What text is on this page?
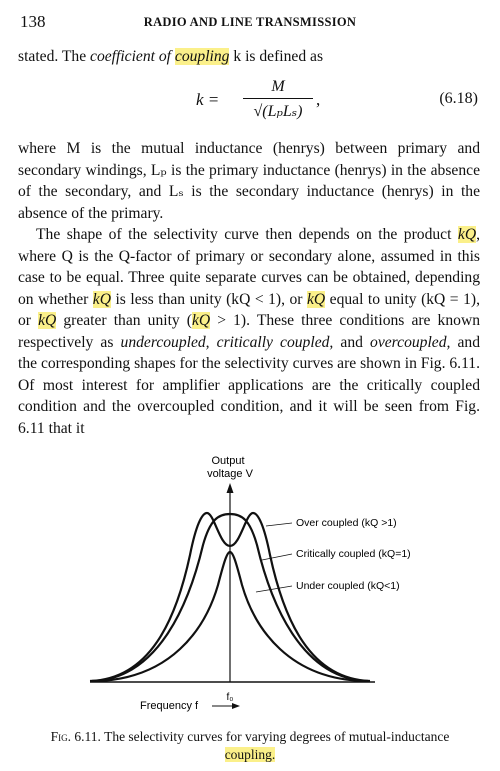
138	RADIO AND LINE TRANSMISSION

stated. The coefficient of coupling k is defined as

k =
M
√(LₚLₛ)
,	(6.18)

where M is the mutual inductance (henrys) between primary and secondary windings, Lₚ is the primary inductance (henrys) in the absence of the secondary, and Lₛ is the secondary inductance (henrys) in the absence of the primary.

The shape of the selectivity curve then depends on the product kQ, where Q is the Q-factor of primary or secondary alone, assumed in this case to be equal. Three quite separate curves can be obtained, depending on whether kQ is less than unity (kQ < 1), or kQ equal to unity (kQ = 1), or kQ greater than unity (kQ > 1). These three conditions are known respectively as undercoupled, critically coupled, and overcoupled, and the corresponding shapes for the selectivity curves are shown in Fig. 6.11. Of most interest for amplifier applications are the critically coupled condition and the overcoupled condition, and it will be seen from Fig. 6.11 that it

Output
voltage V
Over coupled (kQ >1)
Critically coupled (kQ=1)
Under coupled (kQ<1)
f₀
Frequency f
Fig. 6.11. The selectivity curves for varying degrees of mutual-inductance coupling.
